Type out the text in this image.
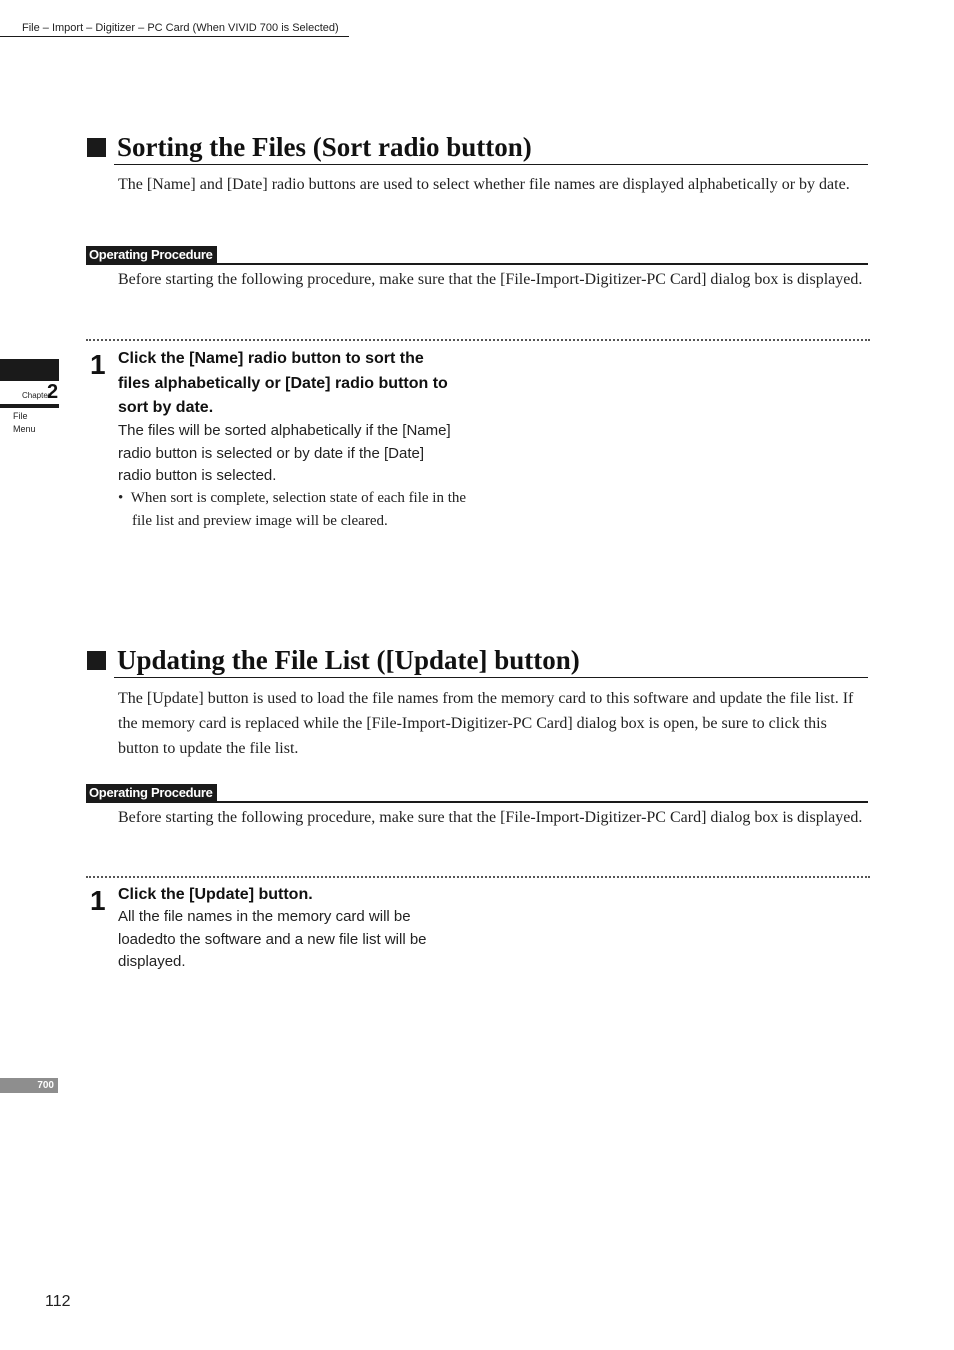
File – Import – Digitizer – PC Card (When VIVID 700 is Selected)
Chapter
2
File
Menu
700
Sorting the Files (Sort radio button)
The [Name] and [Date] radio buttons are used to select whether file names are displayed alphabetically or by date.
Operating Procedure
Before starting the following procedure, make sure that the [File-Import-Digitizer-PC Card] dialog box is displayed.
1 Click the [Name] radio button to sort the files alphabetically or [Date] radio button to sort by date.
The files will be sorted alphabetically if the [Name] radio button is selected or by date if the [Date] radio button is selected.
• When sort is complete, selection state of each file in the file list and preview image will be cleared.
Updating the File List ([Update] button)
The [Update] button is used to load the file names from the memory card to this software and update the file list. If the memory card is replaced while the [File-Import-Digitizer-PC Card] dialog box is open, be sure to click this button to update the file list.
Operating Procedure
Before starting the following procedure, make sure that the [File-Import-Digitizer-PC Card] dialog box is displayed.
1 Click the [Update] button.
All the file names in the memory card will be loadedto the software and a new file list will be displayed.
112
